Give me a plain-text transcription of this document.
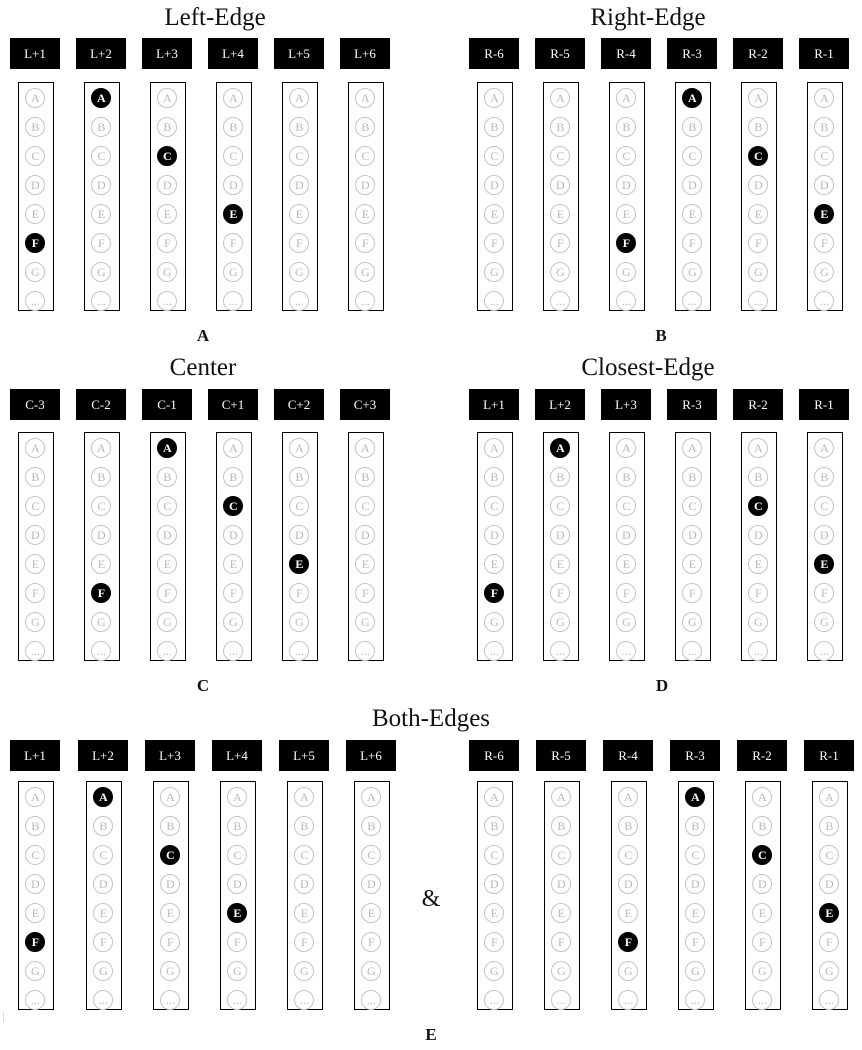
Left-Edge	Right-Edge
Center	Closest-Edge
Both-Edges
A	B
C	D
E
&
L+1
A
B
C
D
E
F
G
...
L+2
A
B
C
D
E
F
G
...
L+3
A
B
C
D
E
F
G
...
L+4
A
B
C
D
E
F
G
...
L+5
A
B
C
D
E
F
G
...
L+6
A
B
C
D
E
F
G
...
R-6
A
B
C
D
E
F
G
...
R-5
A
B
C
D
E
F
G
...
R-4
A
B
C
D
E
F
G
...
R-3
A
B
C
D
E
F
G
...
R-2
A
B
C
D
E
F
G
...
R-1
A
B
C
D
E
F
G
...
C-3
A
B
C
D
E
F
G
...
C-2
A
B
C
D
E
F
G
...
C-1
A
B
C
D
E
F
G
...
C+1
A
B
C
D
E
F
G
...
C+2
A
B
C
D
E
F
G
...
C+3
A
B
C
D
E
F
G
...
L+1
A
B
C
D
E
F
G
...
L+2
A
B
C
D
E
F
G
...
L+3
A
B
C
D
E
F
G
...
R-3
A
B
C
D
E
F
G
...
R-2
A
B
C
D
E
F
G
...
R-1
A
B
C
D
E
F
G
...
L+1
A
B
C
D
E
F
G
...
L+2
A
B
C
D
E
F
G
...
L+3
A
B
C
D
E
F
G
...
L+4
A
B
C
D
E
F
G
...
L+5
A
B
C
D
E
F
G
...
L+6
A
B
C
D
E
F
G
...
R-6
A
B
C
D
E
F
G
...
R-5
A
B
C
D
E
F
G
...
R-4
A
B
C
D
E
F
G
...
R-3
A
B
C
D
E
F
G
...
R-2
A
B
C
D
E
F
G
...
R-1
A
B
C
D
E
F
G
...
